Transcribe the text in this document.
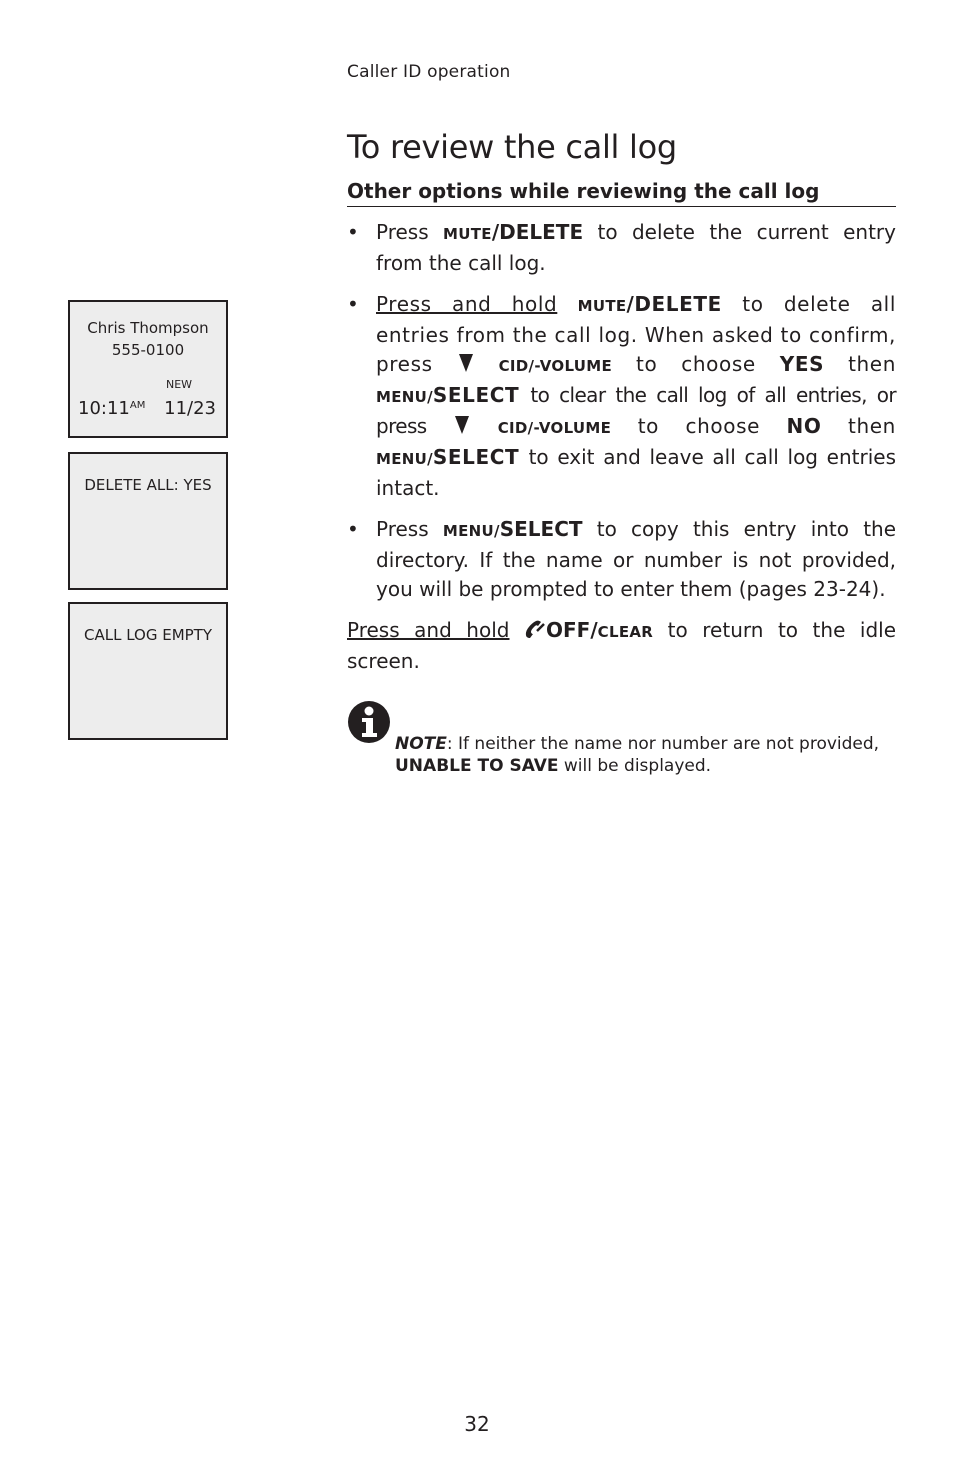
Caller ID operation
To review the call log
Other options while reviewing the call log
• Press MUTE/DELETE to delete the current entry from the call log.
• Press and hold MUTE/DELETE to delete all entries from the call log. When asked to confirm, press	CID/-VOLUME to choose YES then MENU/SELECT to clear the call log of all entries, or press	CID/-VOLUME to choose NO then MENU/SELECT to exit and leave all call log entries intact.
• Press MENU/SELECT to copy this entry into the directory. If the name or number is not provided, you will be prompted to enter them (pages 23-24).

Press and hold OFF/CLEAR to return to the idle screen.

NOTE: If neither the name nor number are not provided,
UNABLE TO SAVE will be displayed.
Chris Thompson
555-0100
NEW
$10:11^{AM}$ 11/23
DELETE ALL: YES
CALL LOG EMPTY
32
